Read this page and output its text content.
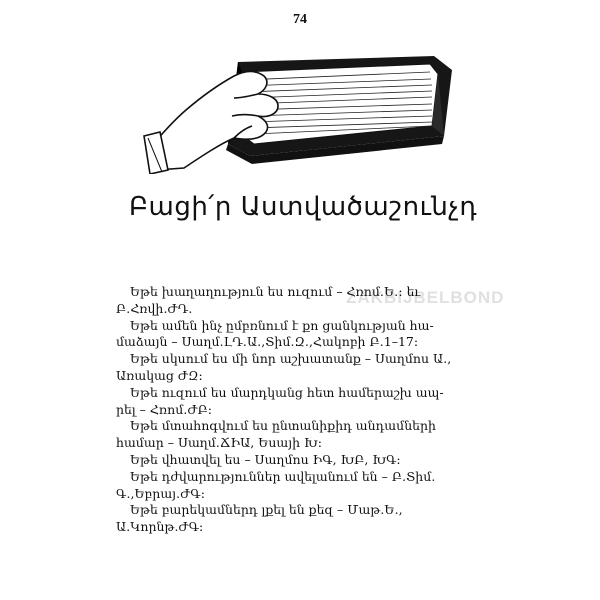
74
Բացի՛ր Աստվածաշունչդ
ZAKBIJBELBOND
Եթե խաղաղություն ես ուզում – Հռոմ․Ե․։ եւ
Բ․Հռվի․ԺԴ․
Եթե ամեն ինչ ըմբռնում է քո ցանկության հա-
մաձայն – Սաղմ․ԼԴ․Ա․,Տիմ․Զ․,Հակոբի Բ․1–17։
Եթե սկսում ես մի նոր աշխատանք – Սաղմոս Ա․,
Առակաց ԺԶ։
Եթե ուզում ես մարդկանց հետ համերաշխ ապ-
րել – Հռոմ․ԺԲ։
Եթե մտահոգվում ես ընտանիքիդ անդամների
համար – Սաղմ․ՃԻԱ, Եսայի Խ։
Եթե վհատվել ես – Սաղմոս ԻԳ, ԽԲ, ԽԳ։
Եթե դժվարություններ ավելանում են – Բ․Տիմ․
Գ․,Եբրայ․ԺԳ։
Եթե բարեկամներդ լքել են քեզ – Մաթ․Ե․,
Ա․Կորնթ․ԺԳ։
